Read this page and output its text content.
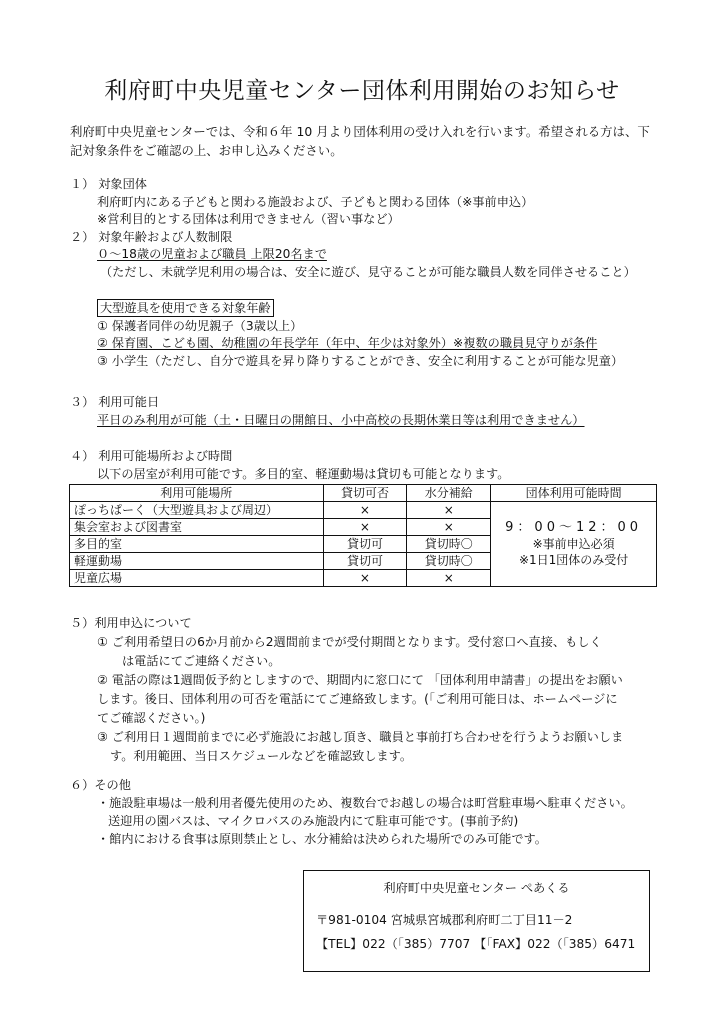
利府町中央児童センター団体利用開始のお知らせ
利府町中央児童センターでは、令和６年 10 月より団体利用の受け入れを行います。希望される方は、下記対象条件をご確認の上、お申し込みください。
１） 対象団体
利府町内にある子どもと関わる施設および、子どもと関わる団体（※事前申込）
※営利目的とする団体は利用できません（習い事など）
２） 対象年齢および人数制限
０～18歳の児童および職員 上限20名まで
（ただし、未就学児利用の場合は、安全に遊び、見守ることが可能な職員人数を同伴させること）
大型遊具を使用できる対象年齢
① 保護者同伴の幼児親子（3歳以上）
② 保育園、こども園、幼稚園の年長学年（年中、年少は対象外）※複数の職員見守りが条件
③ 小学生（ただし、自分で遊具を昇り降りすることができ、安全に利用することが可能な児童）
３） 利用可能日
平日のみ利用が可能（土・日曜日の開館日、小中高校の長期休業日等は利用できません）
４） 利用可能場所および時間
以下の居室が利用可能です。多目的室、軽運動場は貸切も可能となります。
利用可能場所	貸切可否	水分補給	団体利用可能時間
ぽっちぱーく（大型遊具および周辺）	×	×	9：00～12：00
※事前申込必須
※1日1団体のみ受付

集会室および図書室	×	×	
多目的室	貸切可	貸切時〇	
軽運動場	貸切可	貸切時〇	
児童広場	×	×	
５）利用申込について
① ご利用希望日の6か月前から2週間前までが受付期間となります。受付窓口へ直接、もしく
は電話にてご連絡ください。
② 電話の際は1週間仮予約としますので、期間内に窓口にて 「団体利用申請書」の提出をお願い
します。後日、団体利用の可否を電話にてご連絡致します。(「ご利用可能日は、ホームページに
てご確認ください。)
③ ご利用日１週間前までに必ず施設にお越し頂き、職員と事前打ち合わせを行うようお願いしま
す。利用範囲、当日スケジュールなどを確認致します。
６）その他
・施設駐車場は一般利用者優先使用のため、複数台でお越しの場合は町営駐車場へ駐車ください。
送迎用の園バスは、マイクロバスのみ施設内にて駐車可能です。(事前予約)
・館内における食事は原則禁止とし、水分補給は決められた場所でのみ可能です。
利府町中央児童センター ぺあくる
〒981-0104 宮城県宮城郡利府町二丁目11－2
【TEL】022（「385）7707 【「FAX】022（「385）6471
